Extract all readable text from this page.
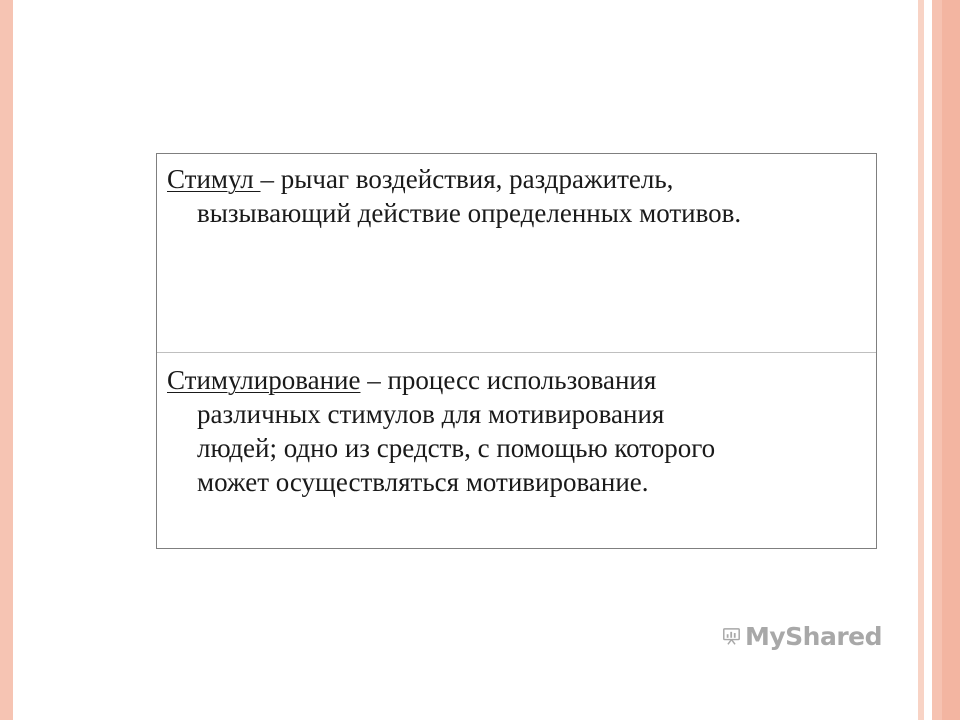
Стимул – рычаг воздействия, раздражитель,
вызывающий действие определенных мотивов.
Стимулирование – процесс использования
различных стимулов для мотивирования
людей; одно из средств, с помощью которого
может осуществляться мотивирование.
MyShared
